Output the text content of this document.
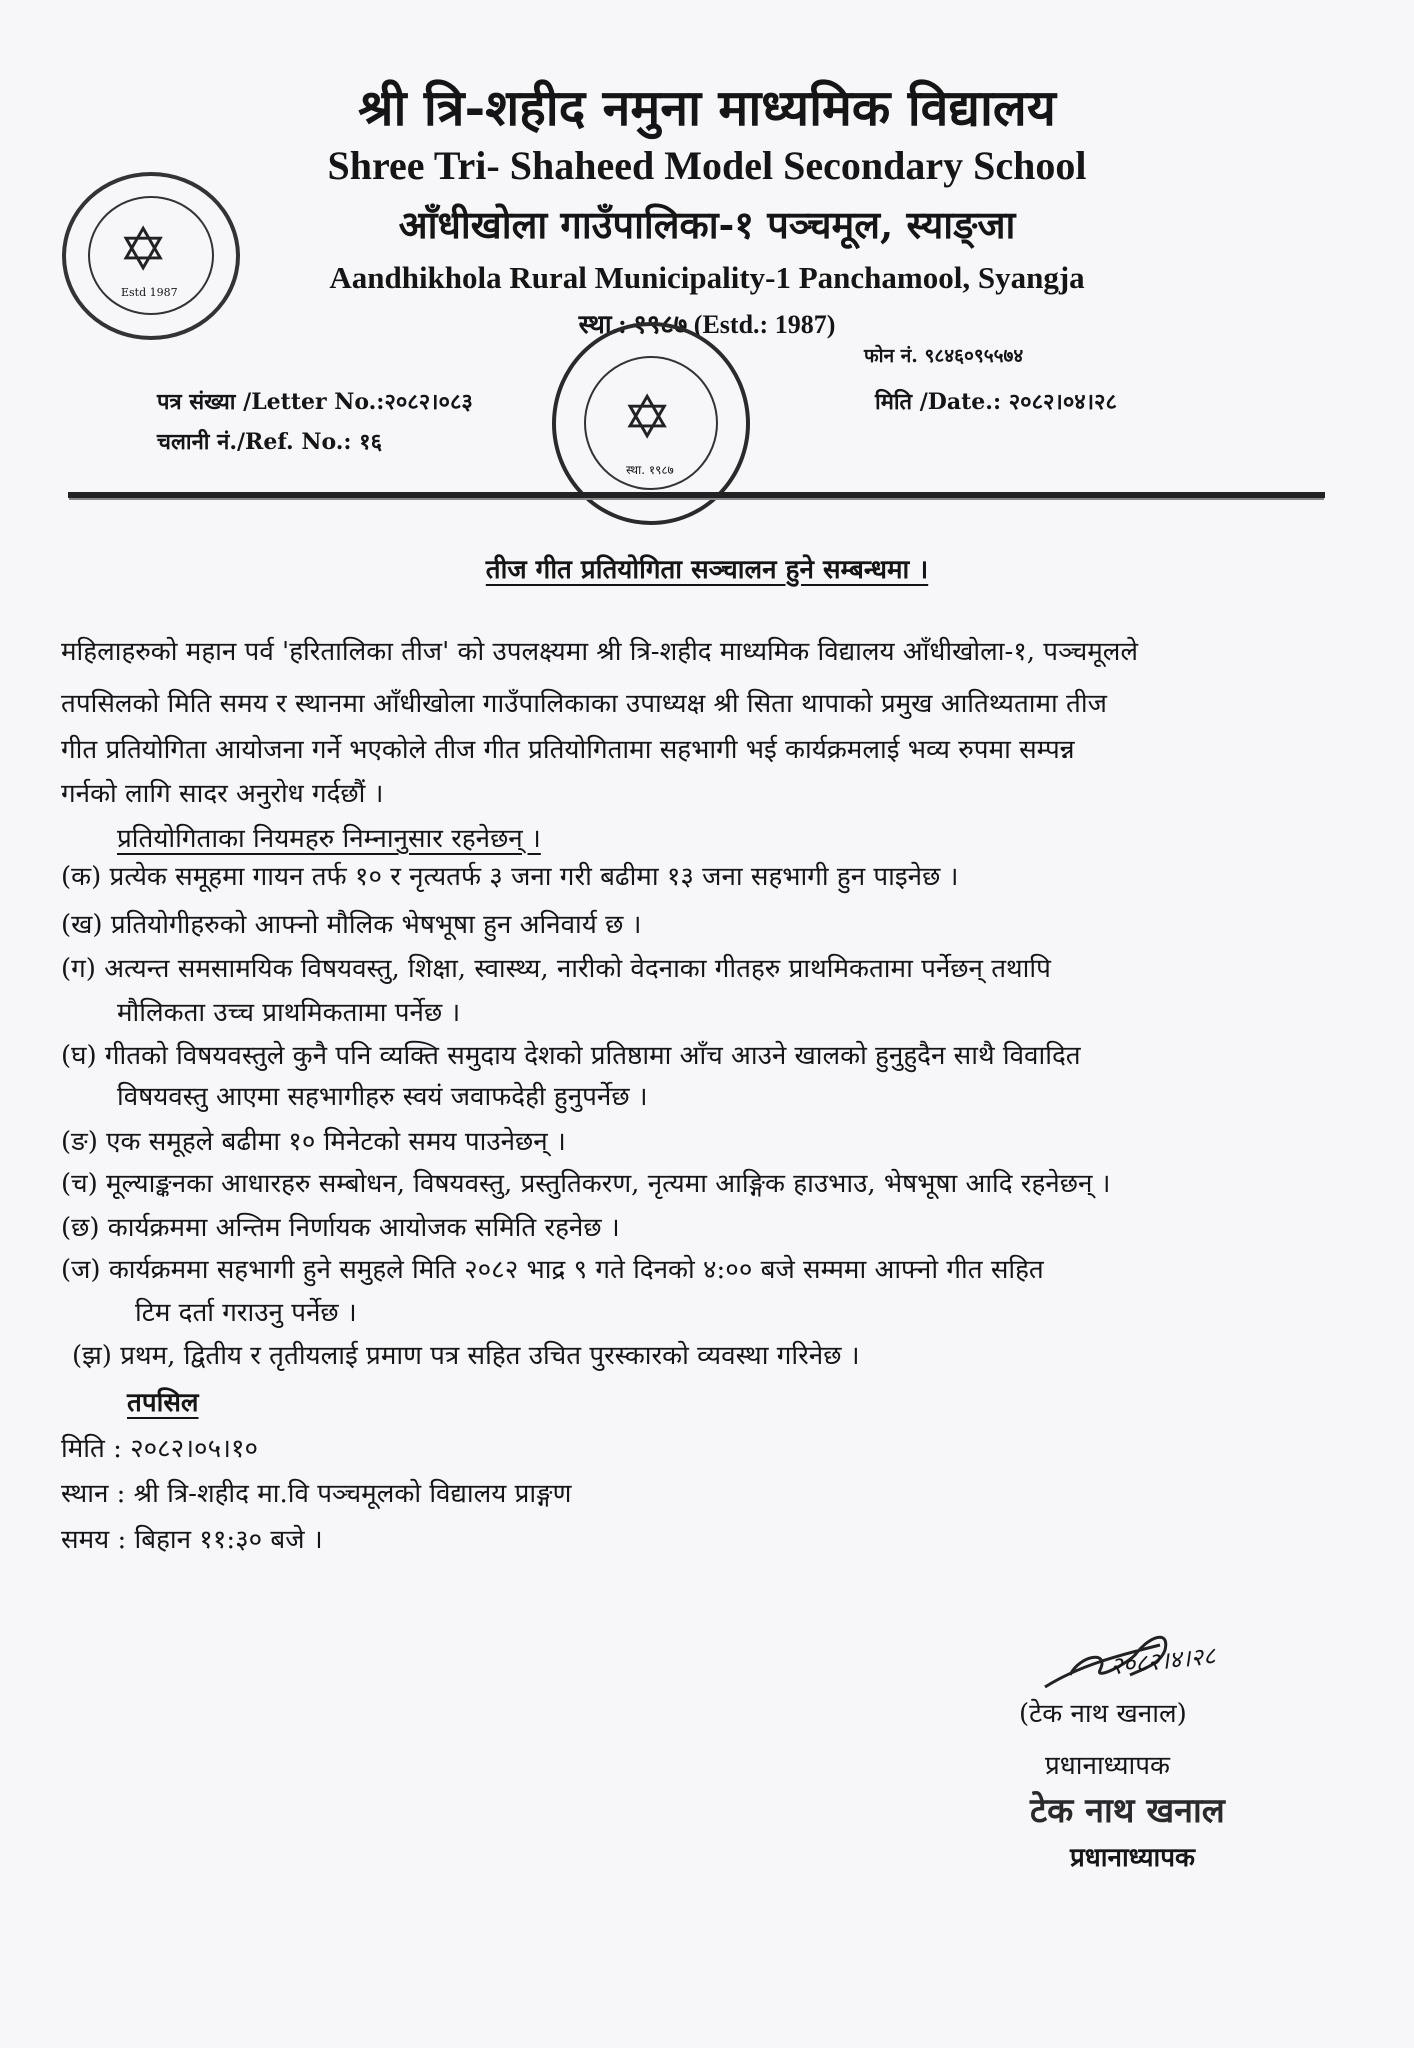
श्री त्रि-शहीद नमुना माध्यमिक विद्यालय
Shree Tri- Shaheed Model Secondary School
आँधीखोला गाउँपालिका-१ पञ्चमूल, स्याङ्जा
Aandhikhola Rural Municipality-1 Panchamool, Syangja
स्था.: १९८७ (Estd.: 1987)
✡
Estd 1987
✡
स्था. १९८७
फोन नं. ९८४६०९५५७४
पत्र संख्या /Letter No.:२०८२।०८३	मिति /Date.: २०८२।०४।२८
चलानी नं./Ref. No.: १६
तीज गीत प्रतियोगिता सञ्चालन हुने सम्बन्धमा ।
महिलाहरुको महान पर्व 'हरितालिका तीज' को उपलक्ष्यमा श्री त्रि-शहीद माध्यमिक विद्यालय आँधीखोला-१, पञ्चमूलले
तपसिलको मिति समय र स्थानमा आँधीखोला गाउँपालिकाका उपाध्यक्ष श्री सिता थापाको प्रमुख आतिथ्यतामा तीज
गीत प्रतियोगिता आयोजना गर्ने भएकोले तीज गीत प्रतियोगितामा सहभागी भई कार्यक्रमलाई भव्य रुपमा सम्पन्न
गर्नको लागि सादर अनुरोध गर्दछौं ।
प्रतियोगिताका नियमहरु निम्नानुसार रहनेछन् ।
(क) प्रत्येक समूहमा गायन तर्फ १० र नृत्यतर्फ ३ जना गरी बढीमा १३ जना सहभागी हुन पाइनेछ ।
(ख) प्रतियोगीहरुको आफ्नो मौलिक भेषभूषा हुन अनिवार्य छ ।
(ग) अत्यन्त समसामयिक विषयवस्तु, शिक्षा, स्वास्थ्य, नारीको वेदनाका गीतहरु प्राथमिकतामा पर्नेछन् तथापि
मौलिकता उच्च प्राथमिकतामा पर्नेछ ।
(घ) गीतको विषयवस्तुले कुनै पनि व्यक्ति समुदाय देशको प्रतिष्ठामा आँच आउने खालको हुनुहुदैन साथै विवादित
विषयवस्तु आएमा सहभागीहरु स्वयं जवाफदेही हुनुपर्नेछ ।
(ङ) एक समूहले बढीमा १० मिनेटको समय पाउनेछन् ।
(च) मूल्याङ्कनका आधारहरु सम्बोधन, विषयवस्तु, प्रस्तुतिकरण, नृत्यमा आङ्गिक हाउभाउ, भेषभूषा आदि रहनेछन् ।
(छ) कार्यक्रममा अन्तिम निर्णायक आयोजक समिति रहनेछ ।
(ज) कार्यक्रममा सहभागी हुने समुहले मिति २०८२ भाद्र ९ गते दिनको ४:०० बजे सम्ममा आफ्नो गीत सहित
टिम दर्ता गराउनु पर्नेछ ।
(झ) प्रथम, द्वितीय र तृतीयलाई प्रमाण पत्र सहित उचित पुरस्कारको व्यवस्था गरिनेछ ।
तपसिल
मिति : २०८२।०५।१०
स्थान : श्री त्रि-शहीद मा.वि पञ्चमूलको विद्यालय प्राङ्गण
समय : बिहान ११:३० बजे ।
२०८२।४।२८
(टेक नाथ खनाल)
प्रधानाध्यापक
टेक नाथ खनाल
प्रधानाध्यापक
